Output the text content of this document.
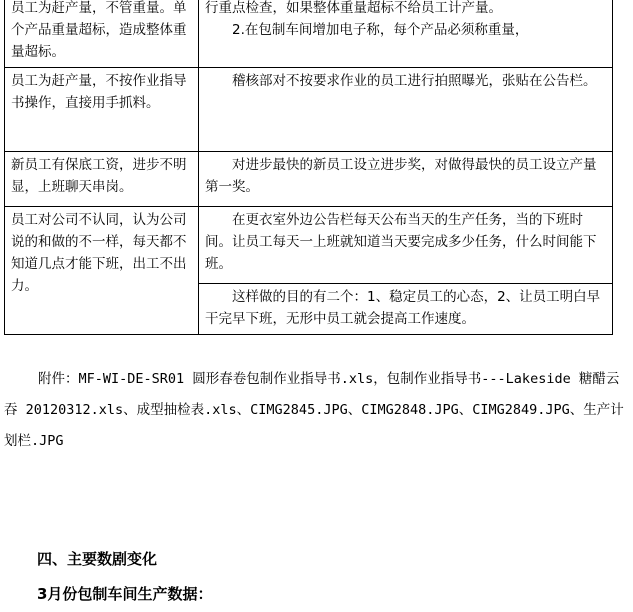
员工为赶产量，不管重量。单个产品重量超标，造成整体重量超标。	行重点检查，如果整体重量超标不给员工计产量。

2.在包制车间增加电子称，每个产品必须称重量，

员工为赶产量，不按作业指导书操作，直接用手抓料。	稽核部对不按要求作业的员工进行拍照曝光，张贴在公告栏。

新员工有保底工资，进步不明显，上班聊天串岗。	对进步最快的新员工设立进步奖，对做得最快的员工设立产量第一奖。

员工对公司不认同，认为公司说的和做的不一样，每天都不知道几点才能下班，出工不出力。	在更衣室外边公告栏每天公布当天的生产任务，当的下班时间。让员工每天一上班就知道当天要完成多少任务，什么时间能下班。

	这样做的目的有二个：1、稳定员工的心态，2、让员工明白早干完早下班，无形中员工就会提高工作速度。

附件：MF-WI-DE-SR01 圆形春卷包制作业指导书.xls，包制作业指导书---Lakeside 糖醋云吞 20120312.xls、成型抽检表.xls、CIMG2845.JPG、CIMG2848.JPG、CIMG2849.JPG、生产计划栏.JPG
四、主要数剧变化
3月份包制车间生产数据：
